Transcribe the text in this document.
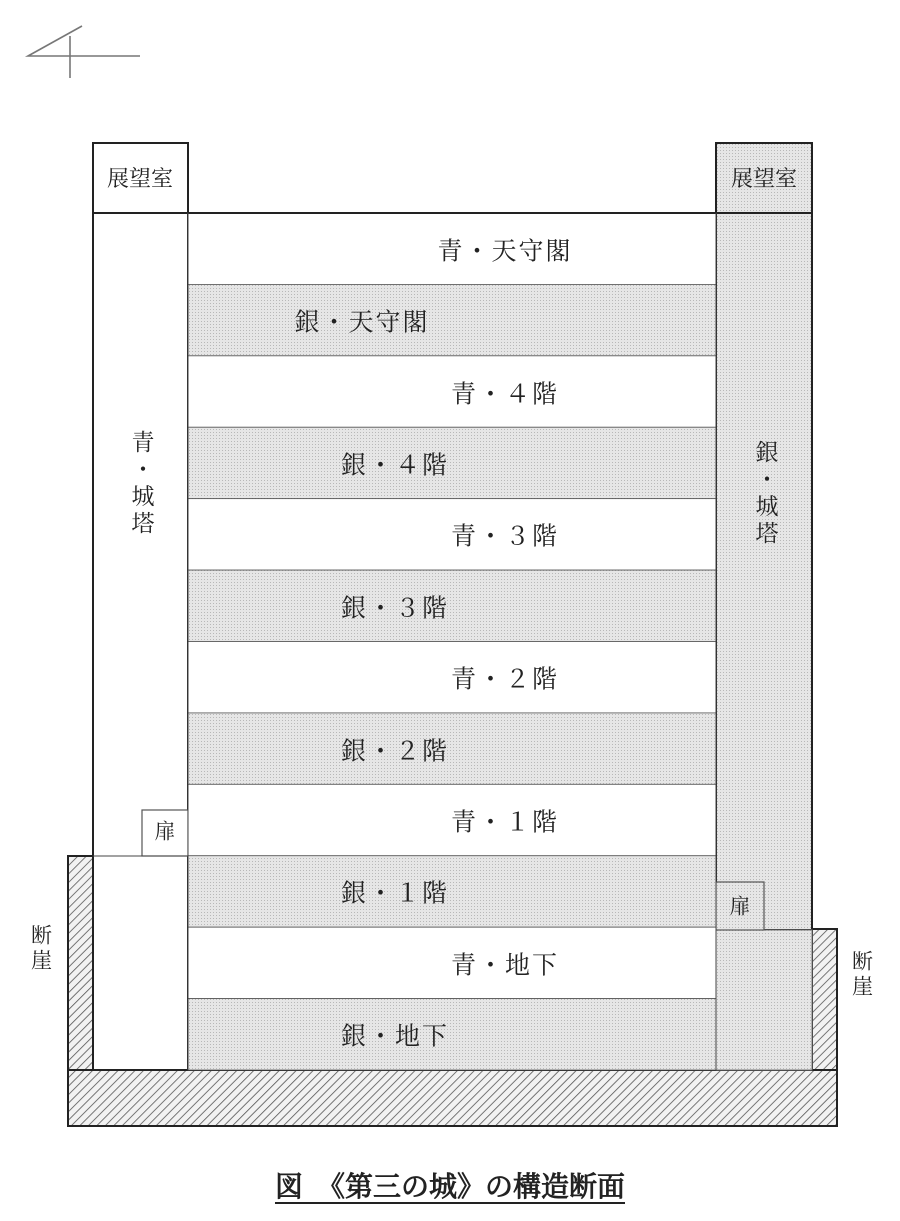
展望室	展望室
青・城塔	銀・城塔
扉
扉
断崖
断崖
青・天守閣
銀・天守閣
青・４階
銀・４階
青・３階
銀・３階
青・２階
銀・２階
青・１階
銀・１階
青・地下
銀・地下
図　《第三の城》の構造断面
